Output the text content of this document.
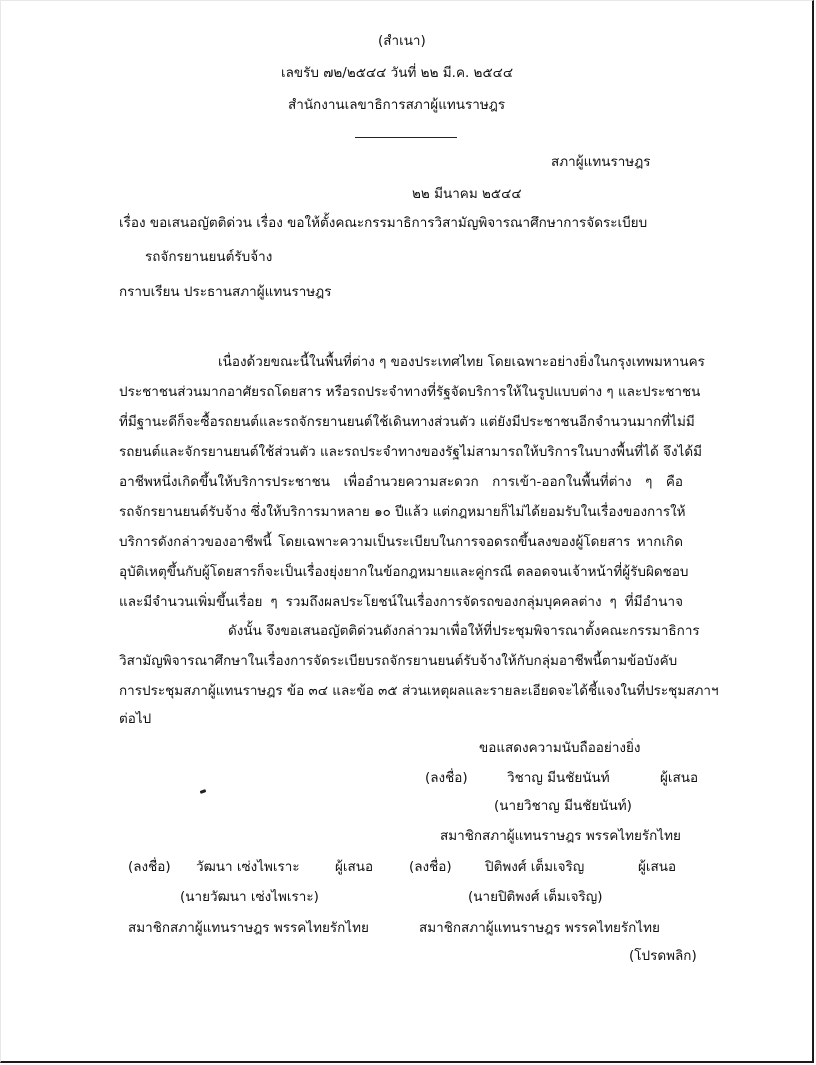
(สำเนา)
เลขรับ ๗๒/๒๕๔๔ วันที่ ๒๒ มี.ค. ๒๕๔๔
สำนักงานเลขาธิการสภาผู้แทนราษฎร
สภาผู้แทนราษฎร
๒๒ มีนาคม ๒๕๔๔
เรื่อง ขอเสนอญัตติด่วน เรื่อง ขอให้ตั้งคณะกรรมาธิการวิสามัญพิจารณาศึกษาการจัดระเบียบ
รถจักรยานยนต์รับจ้าง
กราบเรียน ประธานสภาผู้แทนราษฎร
เนื่องด้วยขณะนี้ในพื้นที่ต่าง ๆ ของประเทศไทย โดยเฉพาะอย่างยิ่งในกรุงเทพมหานคร
ประชาชนส่วนมากอาศัยรถโดยสาร หรือรถประจำทางที่รัฐจัดบริการให้ในรูปแบบต่าง ๆ และประชาชน
ที่มีฐานะดีก็จะซื้อรถยนต์และรถจักรยานยนต์ใช้เดินทางส่วนตัว แต่ยังมีประชาชนอีกจำนวนมากที่ไม่มี
รถยนต์และจักรยานยนต์ใช้ส่วนตัว และรถประจำทางของรัฐไม่สามารถให้บริการในบางพื้นที่ได้ จึงได้มี
อาชีพหนึ่งเกิดขึ้นให้บริการประชาชน เพื่ออำนวยความสะดวก การเข้า-ออกในพื้นที่ต่าง ๆ คือ
รถจักรยานยนต์รับจ้าง ซึ่งให้บริการมาหลาย ๑๐ ปีแล้ว แต่กฎหมายก็ไม่ได้ยอมรับในเรื่องของการให้
บริการดังกล่าวของอาชีพนี้ โดยเฉพาะความเป็นระเบียบในการจอดรถขึ้นลงของผู้โดยสาร หากเกิด
อุบัติเหตุขึ้นกับผู้โดยสารก็จะเป็นเรื่องยุ่งยากในข้อกฎหมายและคู่กรณี ตลอดจนเจ้าหน้าที่ผู้รับผิดชอบ
และมีจำนวนเพิ่มขึ้นเรื่อย ๆ รวมถึงผลประโยชน์ในเรื่องการจัดรถของกลุ่มบุคคลต่าง ๆ ที่มีอำนาจ
ดังนั้น จึงขอเสนอญัตติด่วนดังกล่าวมาเพื่อให้ที่ประชุมพิจารณาตั้งคณะกรรมาธิการ
วิสามัญพิจารณาศึกษาในเรื่องการจัดระเบียบรถจักรยานยนต์รับจ้างให้กับกลุ่มอาชีพนี้ตามข้อบังคับ
การประชุมสภาผู้แทนราษฎร ข้อ ๓๔ และข้อ ๓๕ ส่วนเหตุผลและรายละเอียดจะได้ชี้แจงในที่ประชุมสภาฯ
ต่อไป
ขอแสดงความนับถืออย่างยิ่ง
(ลงชื่อ)	วิชาญ มีนชัยนันท์	ผู้เสนอ
(นายวิชาญ มีนชัยนันท์)
สมาชิกสภาผู้แทนราษฎร พรรคไทยรักไทย
(ลงชื่อ) วัฒนา เซ่งไพเราะ	ผู้เสนอ	(ลงชื่อ) ปิติพงศ์ เต็มเจริญ	ผู้เสนอ
(นายวัฒนา เซ่งไพเราะ)	(นายปิติพงศ์ เต็มเจริญ)
สมาชิกสภาผู้แทนราษฎร พรรคไทยรักไทย	สมาชิกสภาผู้แทนราษฎร พรรคไทยรักไทย
(โปรดพลิก)
